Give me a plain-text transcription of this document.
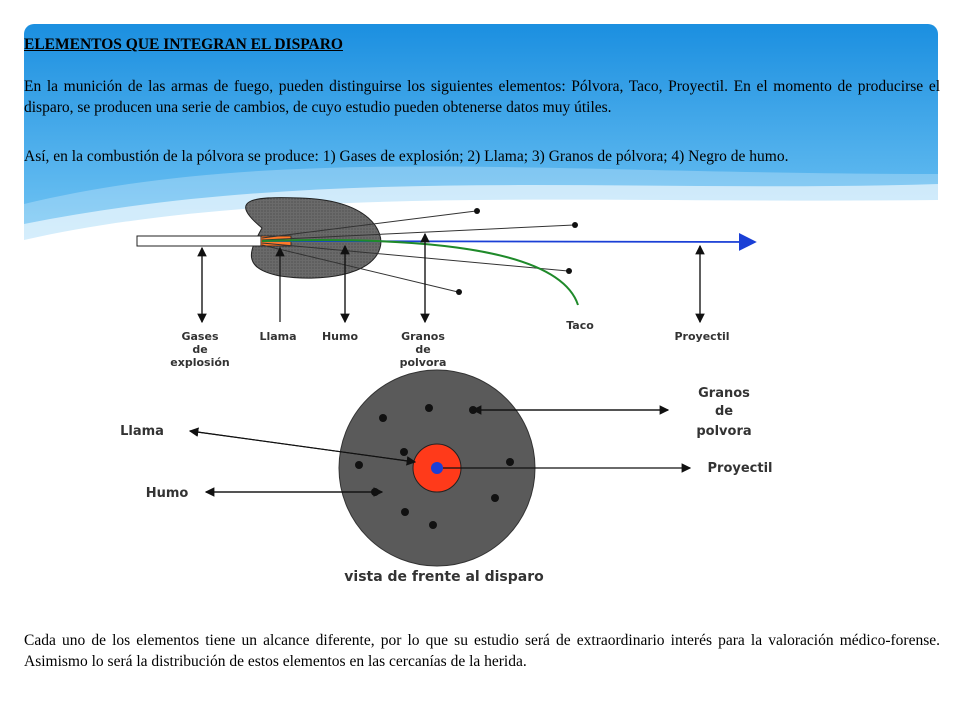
ELEMENTOS QUE INTEGRAN EL DISPARO
En la munición de las armas de fuego, pueden distinguirse los siguientes elementos: Pólvora, Taco, Proyectil. En el momento de producirse el disparo, se producen una serie de cambios, de cuyo estudio pueden obtenerse datos muy útiles.
Así, en la combustión de la pólvora se produce: 1) Gases de explosión; 2) Llama; 3) Granos de pólvora; 4) Negro de humo.
Gases
de
explosión
Llama Humo	Granos
de
polvora
Taco
Proyectil
Llama
Humo
Granos
de
polvora
Proyectil
vista de frente al disparo
Cada uno de los elementos tiene un alcance diferente, por lo que su estudio será de extraordinario interés para la valoración médico-forense. Asimismo lo será la distribución de estos elementos en las cercanías de la herida.
